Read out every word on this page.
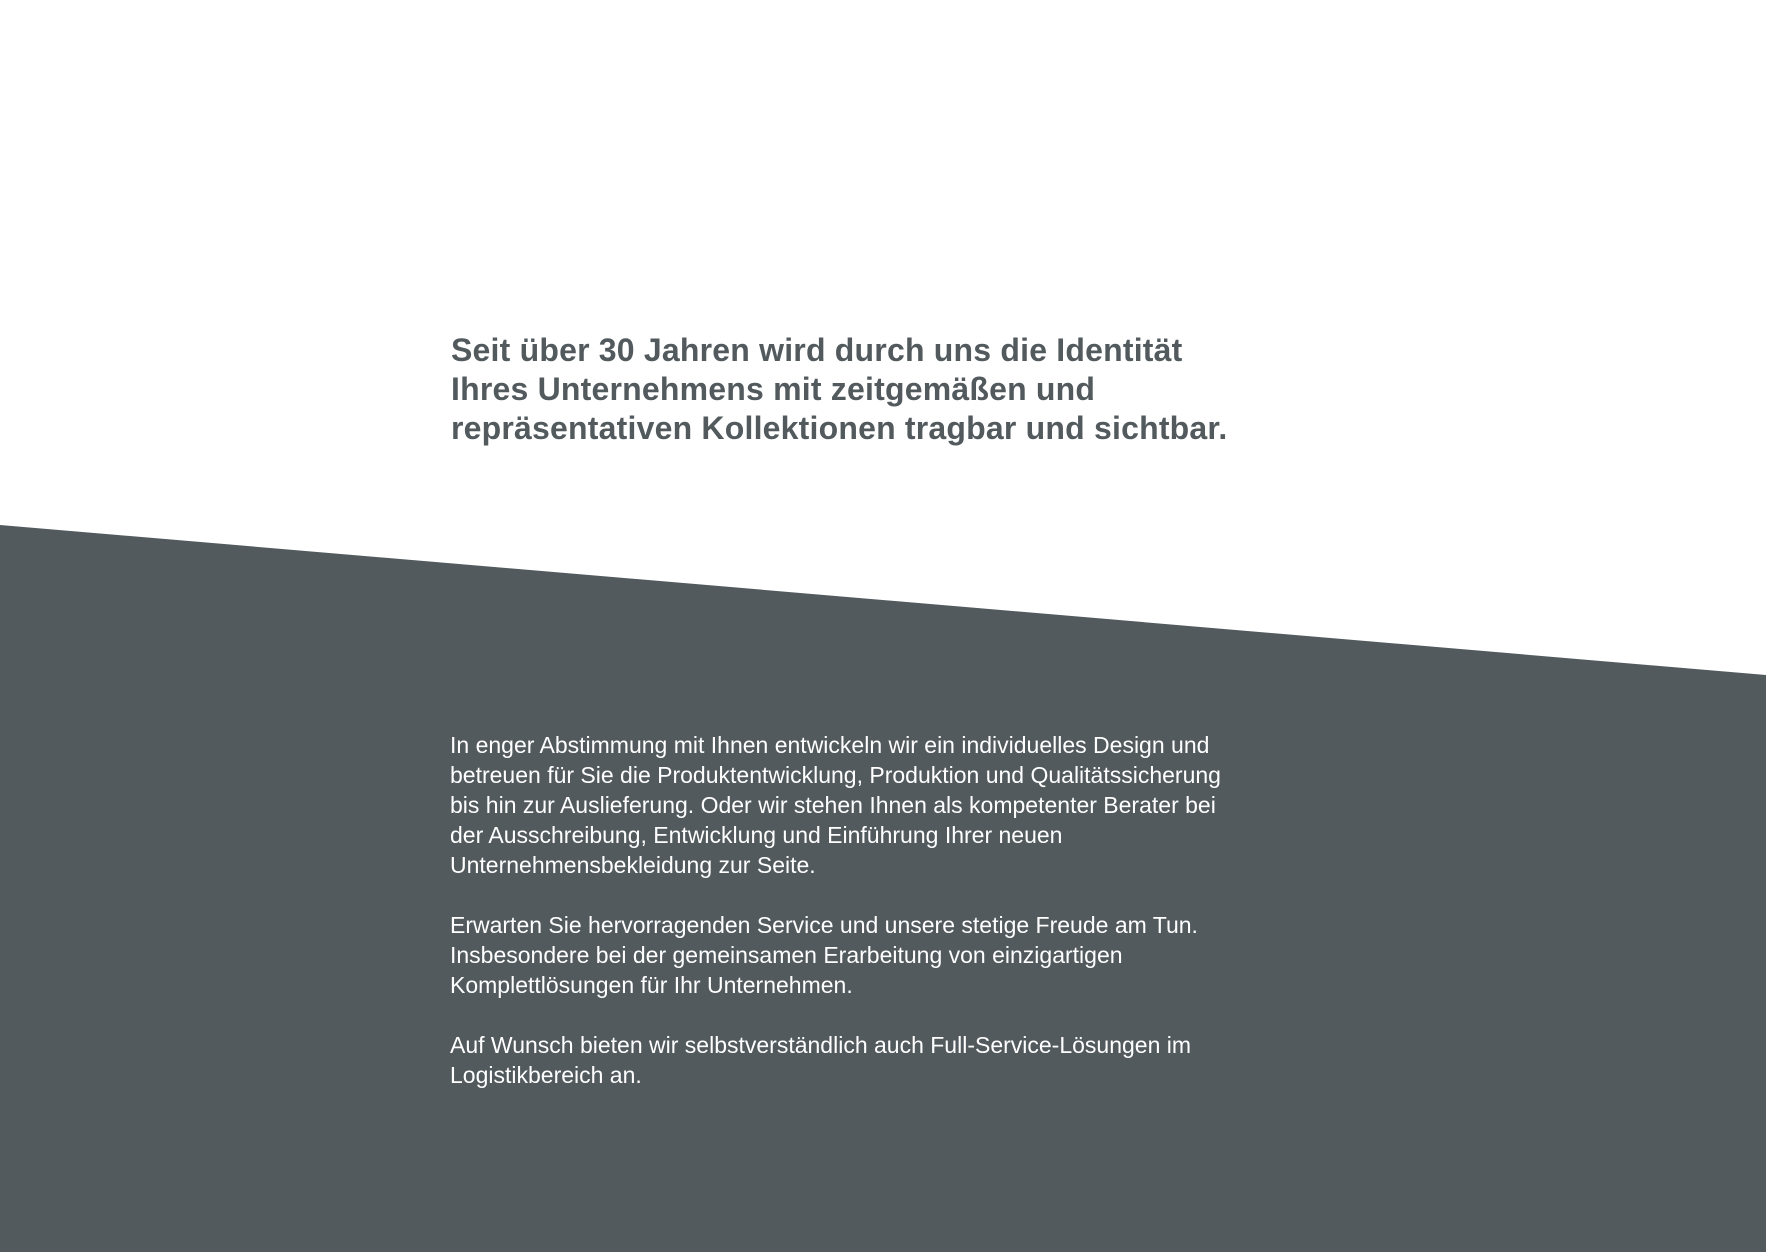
Seit über 30 Jahren wird durch uns die Identität
Ihres Unternehmens mit zeitgemäßen und
repräsentativen Kollektionen tragbar und sichtbar.

In enger Abstimmung mit Ihnen entwickeln wir ein individuelles Design und
betreuen für Sie die Produktentwicklung, Produktion und Qualitätssicherung
bis hin zur Auslieferung. Oder wir stehen Ihnen als kompetenter Berater bei
der Ausschreibung, Entwicklung und Einführung Ihrer neuen
Unternehmensbekleidung zur Seite.

Erwarten Sie hervorragenden Service und unsere stetige Freude am Tun.
Insbesondere bei der gemeinsamen Erarbeitung von einzigartigen
Komplettlösungen für Ihr Unternehmen.

Auf Wunsch bieten wir selbstverständlich auch Full-Service-Lösungen im
Logistikbereich an.
